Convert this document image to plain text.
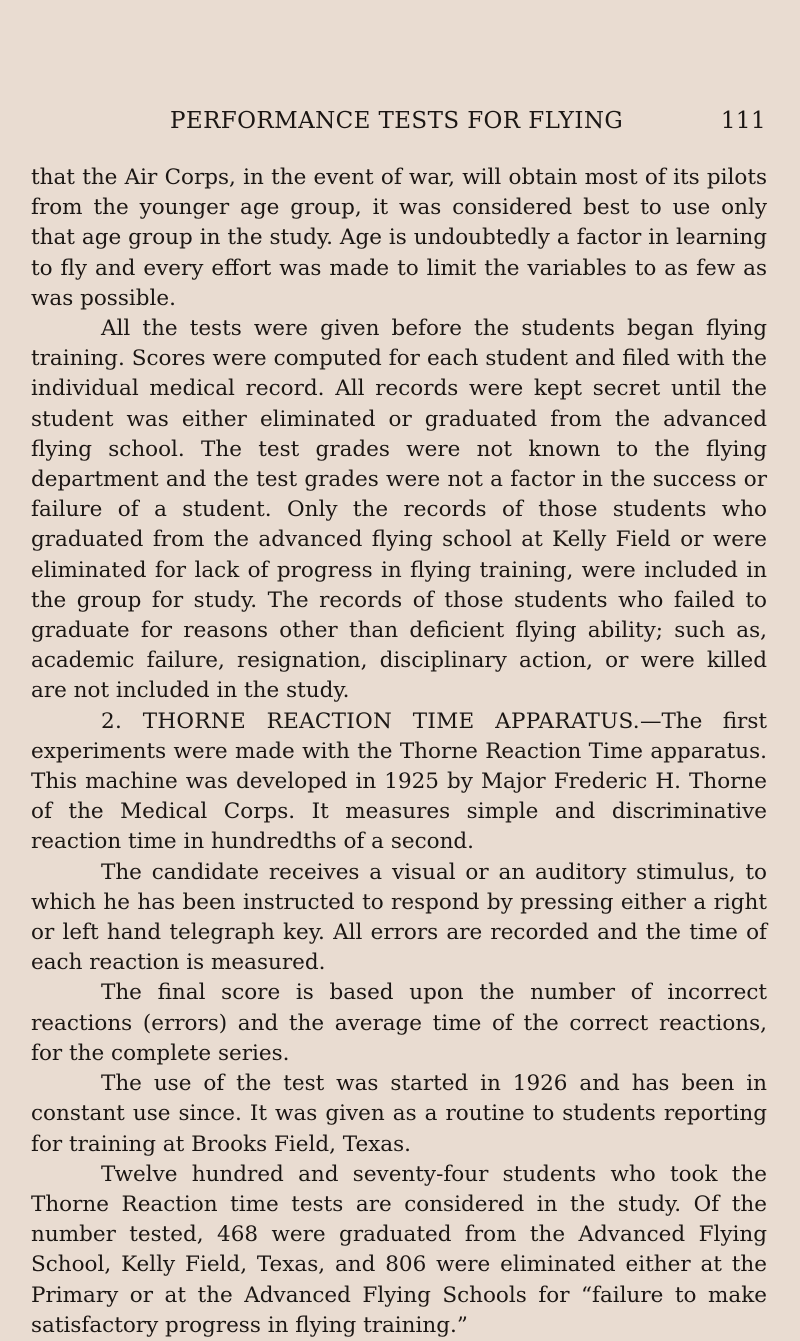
PERFORMANCE TESTS FOR FLYING	111

that the Air Corps, in the event of war, will obtain most of its pilots from the younger age group, it was considered best to use only that age group in the study. Age is undoubtedly a factor in learning to fly and every effort was made to limit the variables to as few as was possible.

All the tests were given before the students began flying training. Scores were computed for each student and filed with the individual medical record. All records were kept secret until the student was either eliminated or graduated from the advanced flying school. The test grades were not known to the flying department and the test grades were not a factor in the success or failure of a student. Only the records of those students who graduated from the advanced flying school at Kelly Field or were eliminated for lack of progress in flying training, were included in the group for study. The records of those students who failed to graduate for reasons other than deficient flying ability; such as, academic failure, resignation, disciplinary action, or were killed are not included in the study.

2. THORNE REACTION TIME APPARATUS.—The first experiments were made with the Thorne Reaction Time apparatus. This machine was developed in 1925 by Major Frederic H. Thorne of the Medical Corps. It measures simple and discriminative reaction time in hundredths of a second.

The candidate receives a visual or an auditory stimulus, to which he has been instructed to respond by pressing either a right or left hand telegraph key. All errors are recorded and the time of each reaction is measured.

The final score is based upon the number of incorrect reactions (errors) and the average time of the correct reactions, for the complete series.

The use of the test was started in 1926 and has been in constant use since. It was given as a routine to students reporting for training at Brooks Field, Texas.

Twelve hundred and seventy-four students who took the Thorne Reaction time tests are considered in the study. Of the number tested, 468 were graduated from the Advanced Flying School, Kelly Field, Texas, and 806 were eliminated either at the Primary or at the Advanced Flying Schools for “failure to make satisfactory progress in flying training.”
